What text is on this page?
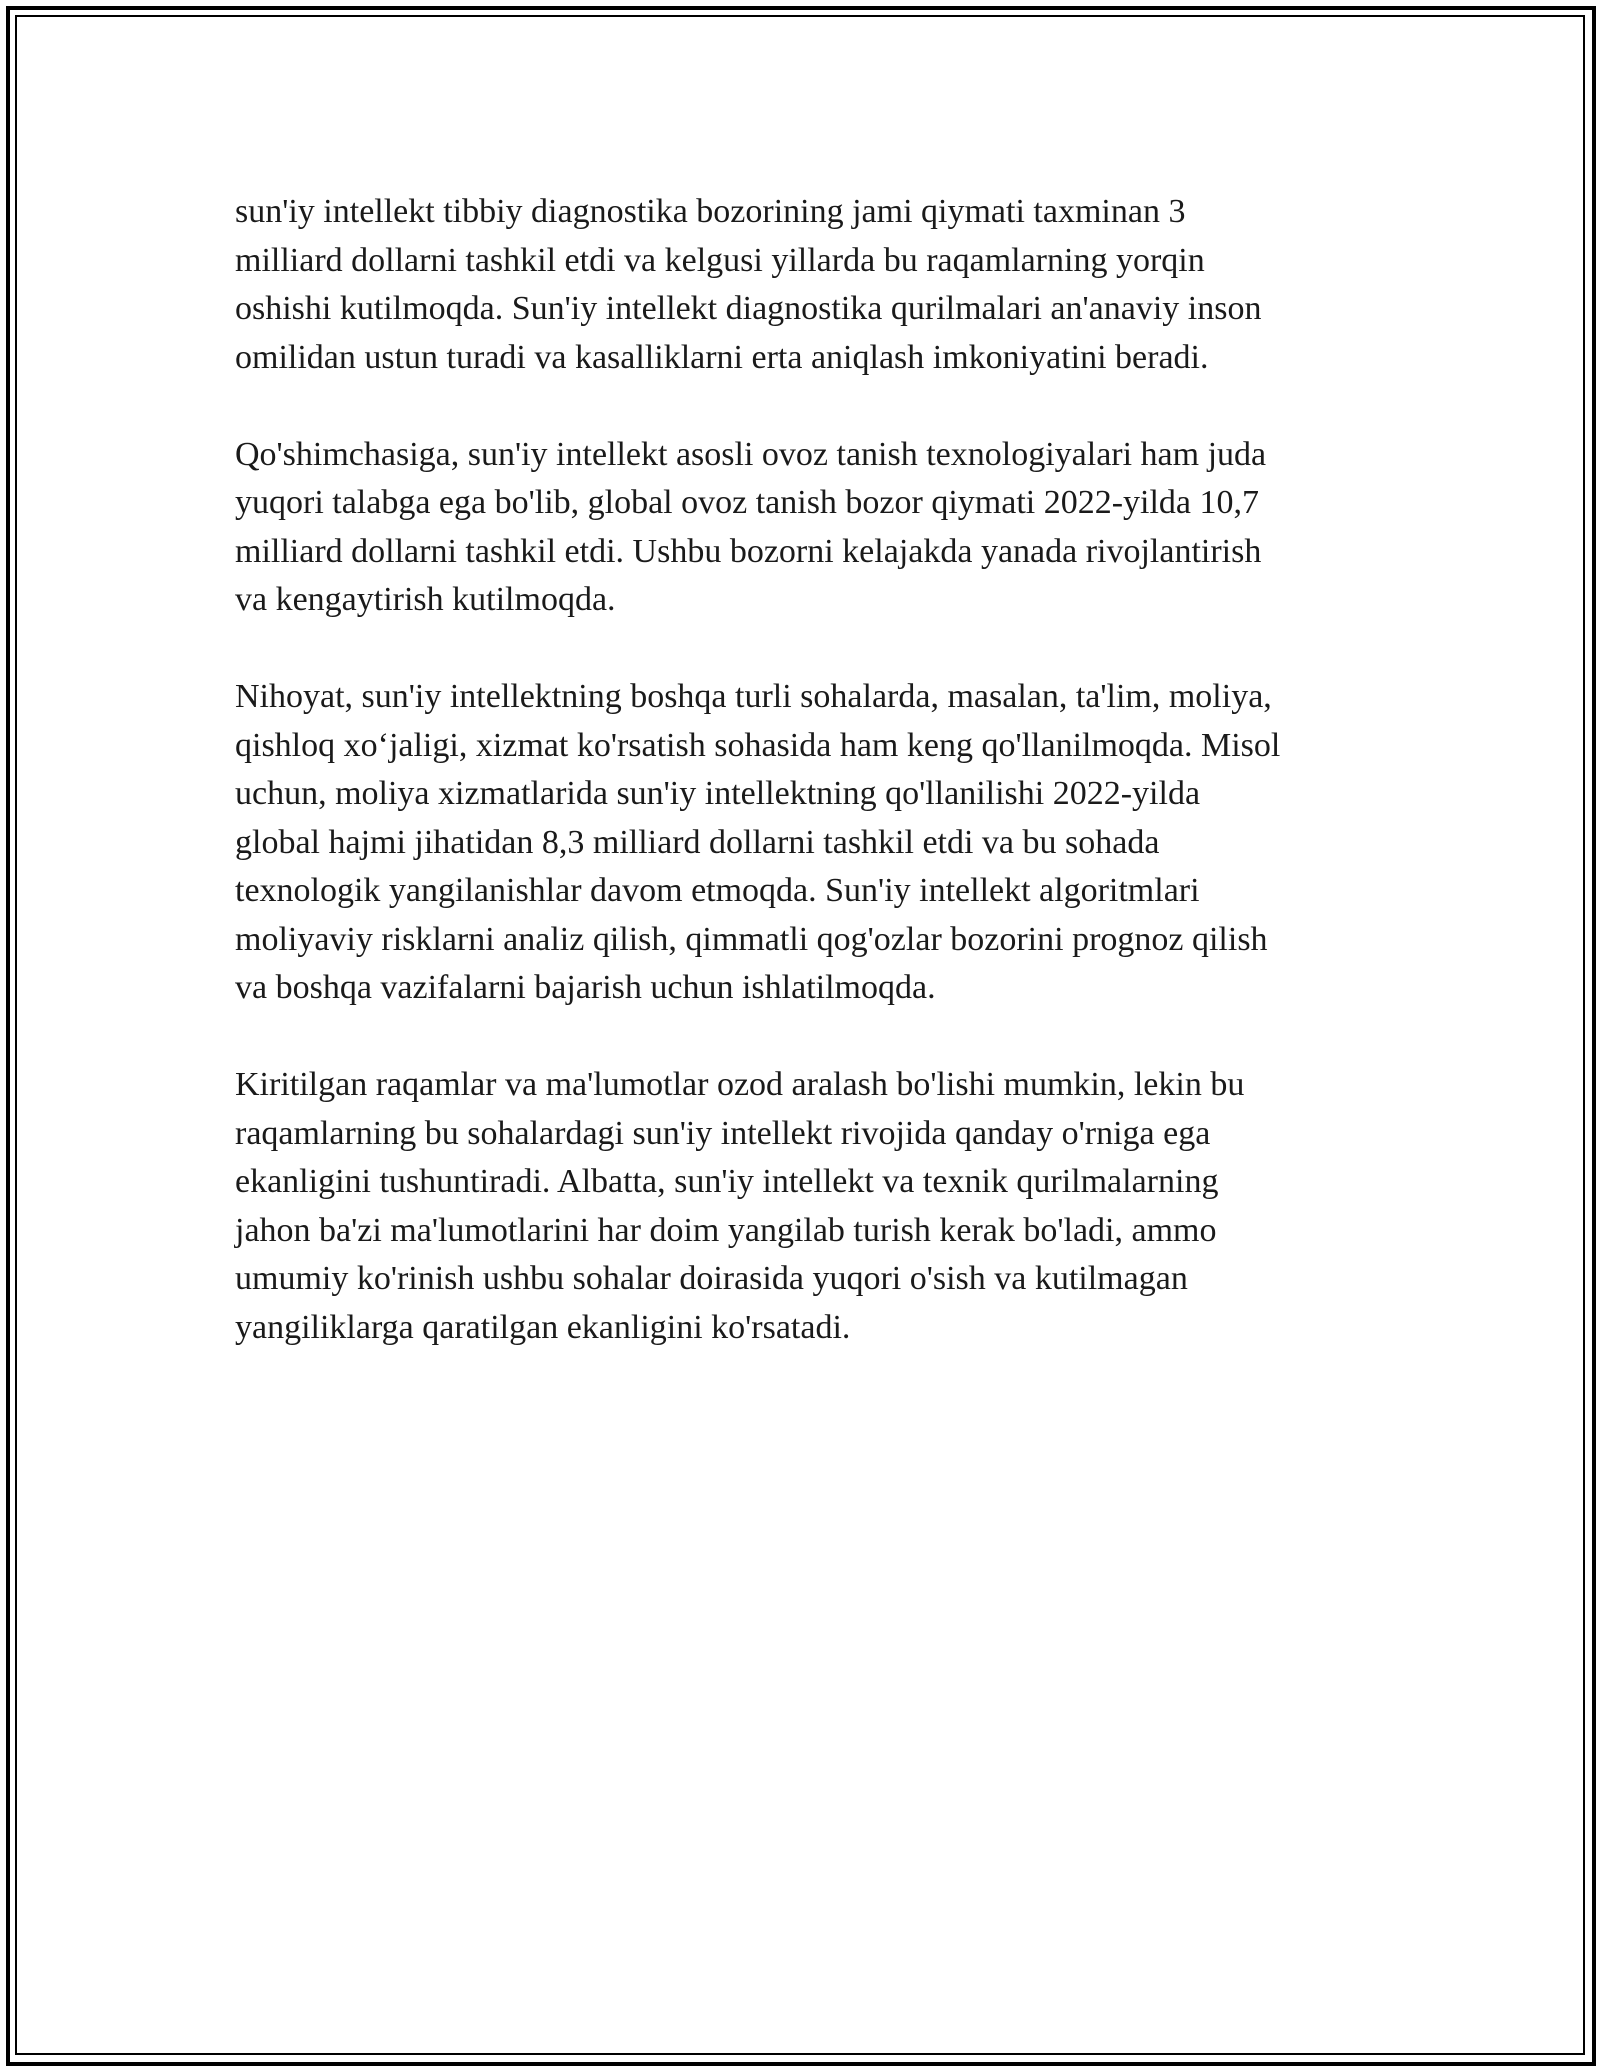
sun'iy intellekt tibbiy diagnostika bozorining jami qiymati taxminan 3
milliard dollarni tashkil etdi va kelgusi yillarda bu raqamlarning yorqin
oshishi kutilmoqda. Sun'iy intellekt diagnostika qurilmalari an'anaviy inson
omilidan ustun turadi va kasalliklarni erta aniqlash imkoniyatini beradi.

Qo'shimchasiga, sun'iy intellekt asosli ovoz tanish texnologiyalari ham juda
yuqori talabga ega bo'lib, global ovoz tanish bozor qiymati 2022-yilda 10,7
milliard dollarni tashkil etdi. Ushbu bozorni kelajakda yanada rivojlantirish
va kengaytirish kutilmoqda.

Nihoyat, sun'iy intellektning boshqa turli sohalarda, masalan, ta'lim, moliya,
qishloq xo‘jaligi, xizmat ko'rsatish sohasida ham keng qo'llanilmoqda. Misol
uchun, moliya xizmatlarida sun'iy intellektning qo'llanilishi 2022-yilda
global hajmi jihatidan 8,3 milliard dollarni tashkil etdi va bu sohada
texnologik yangilanishlar davom etmoqda. Sun'iy intellekt algoritmlari
moliyaviy risklarni analiz qilish, qimmatli qog'ozlar bozorini prognoz qilish
va boshqa vazifalarni bajarish uchun ishlatilmoqda.

Kiritilgan raqamlar va ma'lumotlar ozod aralash bo'lishi mumkin, lekin bu
raqamlarning bu sohalardagi sun'iy intellekt rivojida qanday o'rniga ega
ekanligini tushuntiradi. Albatta, sun'iy intellekt va texnik qurilmalarning
jahon ba'zi ma'lumotlarini har doim yangilab turish kerak bo'ladi, ammo
umumiy ko'rinish ushbu sohalar doirasida yuqori o'sish va kutilmagan
yangiliklarga qaratilgan ekanligini ko'rsatadi.
